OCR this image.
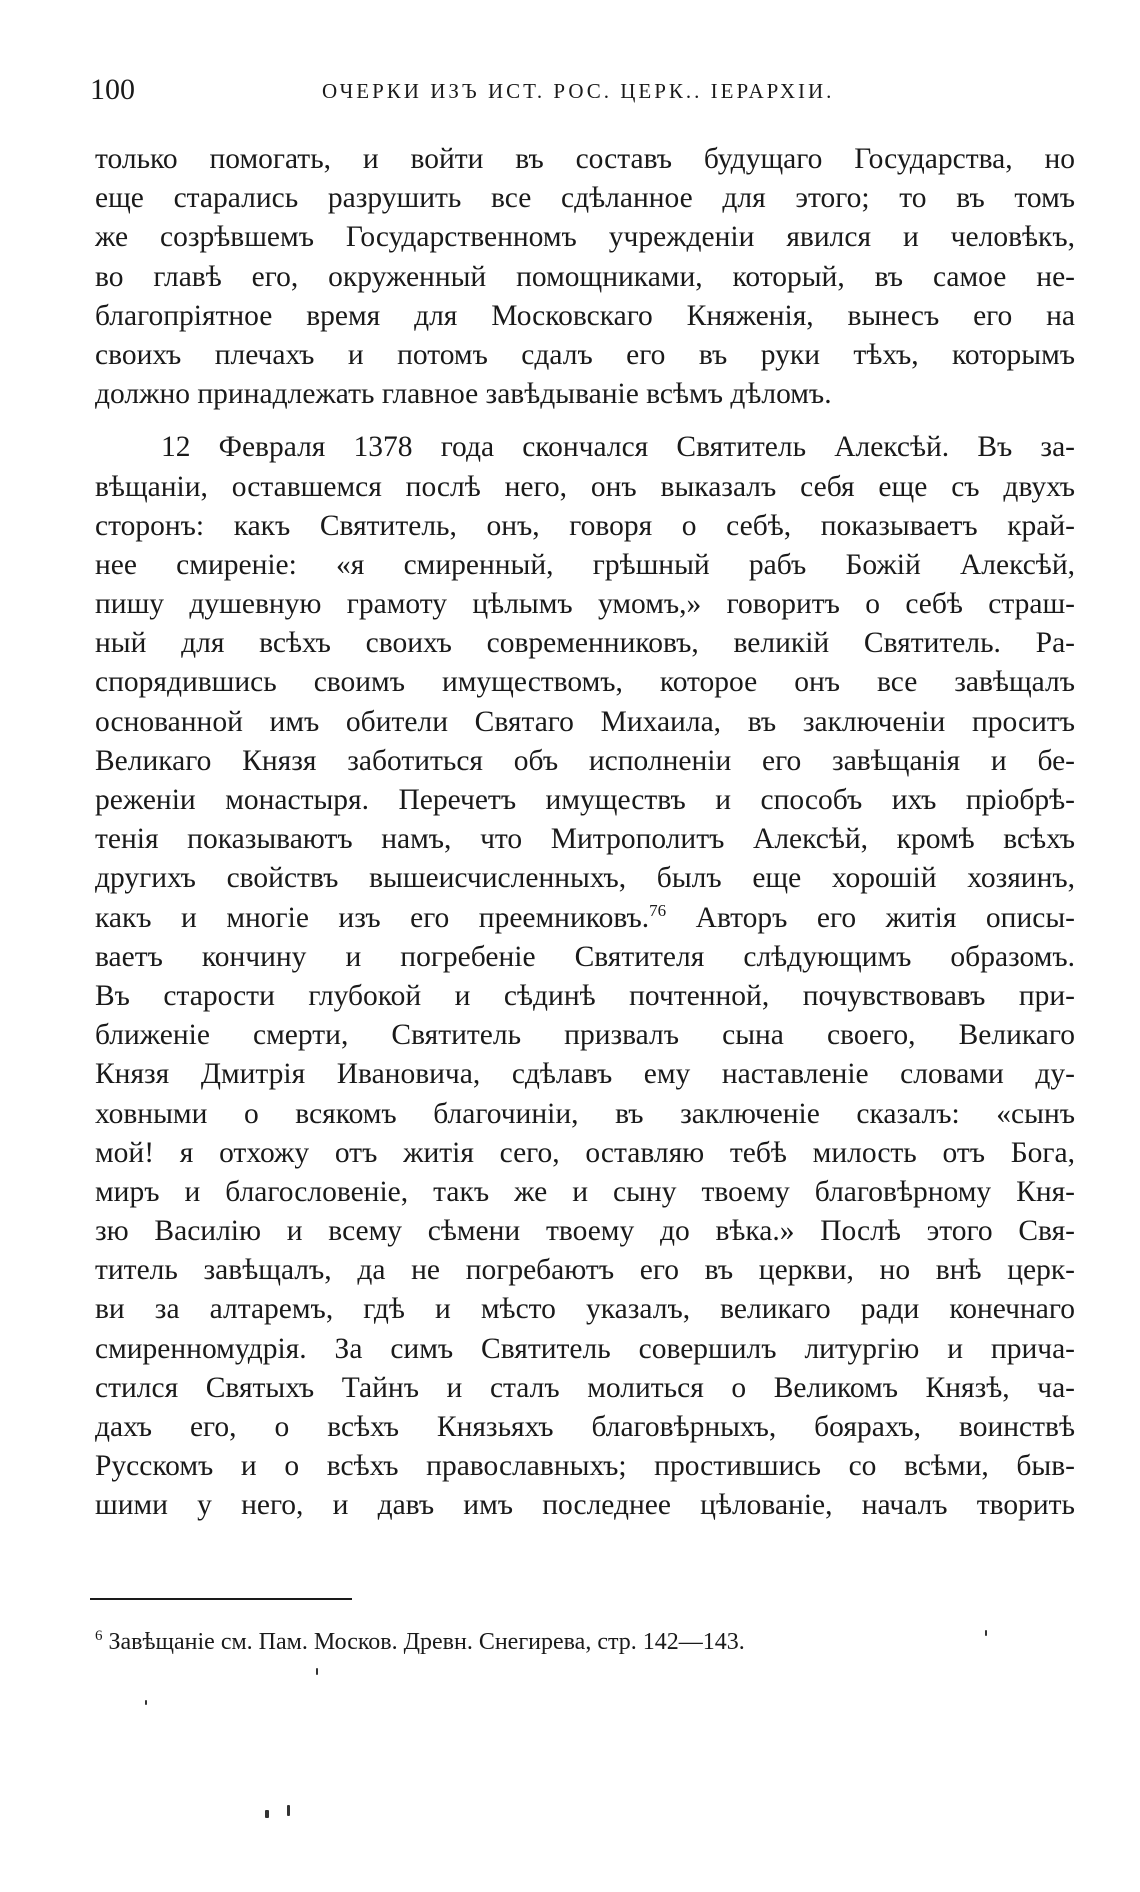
100	ОЧЕРКИ ИЗЪ ИСТ. РОС. ЦЕРК.. IЕРАРХIИ.
только помогать, и войти въ составъ будущаго Государства, но
еще старались разрушить все сдѣланное для этого; то въ томъ
же созрѣвшемъ Государственномъ учрежденіи явился и человѣкъ,
во главѣ его, окруженный помощниками, который, въ самое не-
благопріятное время для Московскаго Княженія, вынесъ его на
своихъ плечахъ и потомъ сдалъ его въ руки тѣхъ, которымъ
должно принадлежать главное завѣдываніе всѣмъ дѣломъ.
12 Февраля 1378 года скончался Святитель Алексѣй. Въ за-
вѣщаніи, оставшемся послѣ него, онъ выказалъ себя еще съ двухъ
сторонъ: какъ Святитель, онъ, говоря о себѣ, показываетъ край-
нее смиреніе: «я смиренный, грѣшный рабъ Божій Алексѣй,
пишу душевную грамоту цѣлымъ умомъ,» говоритъ о себѣ страш-
ный для всѣхъ своихъ современниковъ, великій Святитель. Ра-
спорядившись своимъ имуществомъ, которое онъ все завѣщалъ
основанной имъ обители Святаго Михаила, въ заключеніи проситъ
Великаго Князя заботиться объ исполненіи его завѣщанія и бе-
реженіи монастыря. Перечетъ имуществъ и способъ ихъ пріобрѣ-
тенія показываютъ намъ, что Митрополитъ Алексѣй, кромѣ всѣхъ
другихъ свойствъ вышеисчисленныхъ, былъ еще хорошій хозяинъ,
какъ и многіе изъ его преемниковъ.$^{76}$ Авторъ его житія описы-
ваетъ кончину и погребеніе Святителя слѣдующимъ образомъ.
Въ старости глубокой и сѣдинѣ почтенной, почувствовавъ при-
ближеніе смерти, Святитель призвалъ сына своего, Великаго
Князя Дмитрія Ивановича, сдѣлавъ ему наставленіе словами ду-
ховными о всякомъ благочиніи, въ заключеніе сказалъ: «сынъ
мой! я отхожу отъ житія сего, оставляю тебѣ милость отъ Бога,
миръ и благословеніе, такъ же и сыну твоему благовѣрному Кня-
зю Василію и всему сѣмени твоему до вѣка.» Послѣ этого Свя-
титель завѣщалъ, да не погребаютъ его въ церкви, но внѣ церк-
ви за алтаремъ, гдѣ и мѣсто указалъ, великаго ради конечнаго
смиренномудрія. За симъ Святитель совершилъ литургію и прича-
стился Святыхъ Тайнъ и сталъ молиться о Великомъ Князѣ, ча-
дахъ его, о всѣхъ Князьяхъ благовѣрныхъ, боярахъ, воинствѣ
Русскомъ и о всѣхъ православныхъ; простившись со всѣми, быв-
шими у него, и давъ имъ последнее цѣлованіе, началъ творить
$^6$ Завѣщаніе см. Пам. Москов. Древн. Снегирева, стр. 142—143.
